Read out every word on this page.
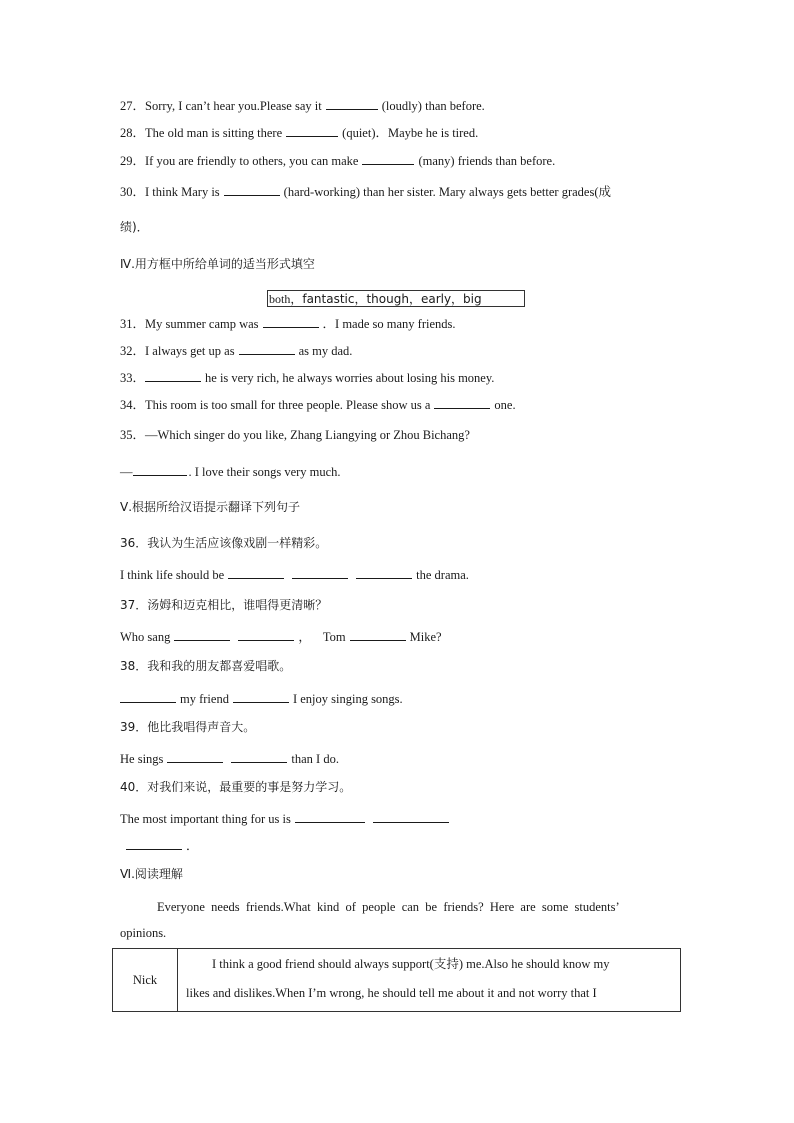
27．Sorry, I can’t hear you.Please say it	(loudly) than before.
28．The old man is sitting there	(quiet)．Maybe he is tired.
29．If you are friendly to others, you can make	(many) friends than before.
30．I think Mary is	(hard-working) than her sister. Mary always gets better grades(成
绩)．
Ⅳ.用方框中所给单词的适当形式填空
both，fantastic，though，early，big
31．My summer camp was	．I made so many friends.
32．I always get up as	as my dad.
33．	he is very rich, he always worries about losing his money.
34．This room is too small for three people. Please show us a	one.
35．—Which singer do you like, Zhang Liangying or Zhou Bichang?
—	. I love their songs very much.
Ⅴ.根据所给汉语提示翻译下列句子
36．我认为生活应该像戏剧一样精彩。
I think life should be	the drama.
37．汤姆和迈克相比，谁唱得更清晰？
Who sang	， Tom	Mike?
38．我和我的朋友都喜爱唱歌。
my friend	I enjoy singing songs.
39．他比我唱得声音大。
He sings	than I do.
40．对我们来说，最重要的事是努力学习。
The most important thing for us is
．
Ⅵ.阅读理解
Everyone  needs  friends.What  kind  of  people  can  be  friends?  Here  are  some  students’
opinions.
Nick
I think a good friend should always support(支持) me.Also he should know my
likes and dislikes.When I’m wrong, he should tell me about it and not worry that I
